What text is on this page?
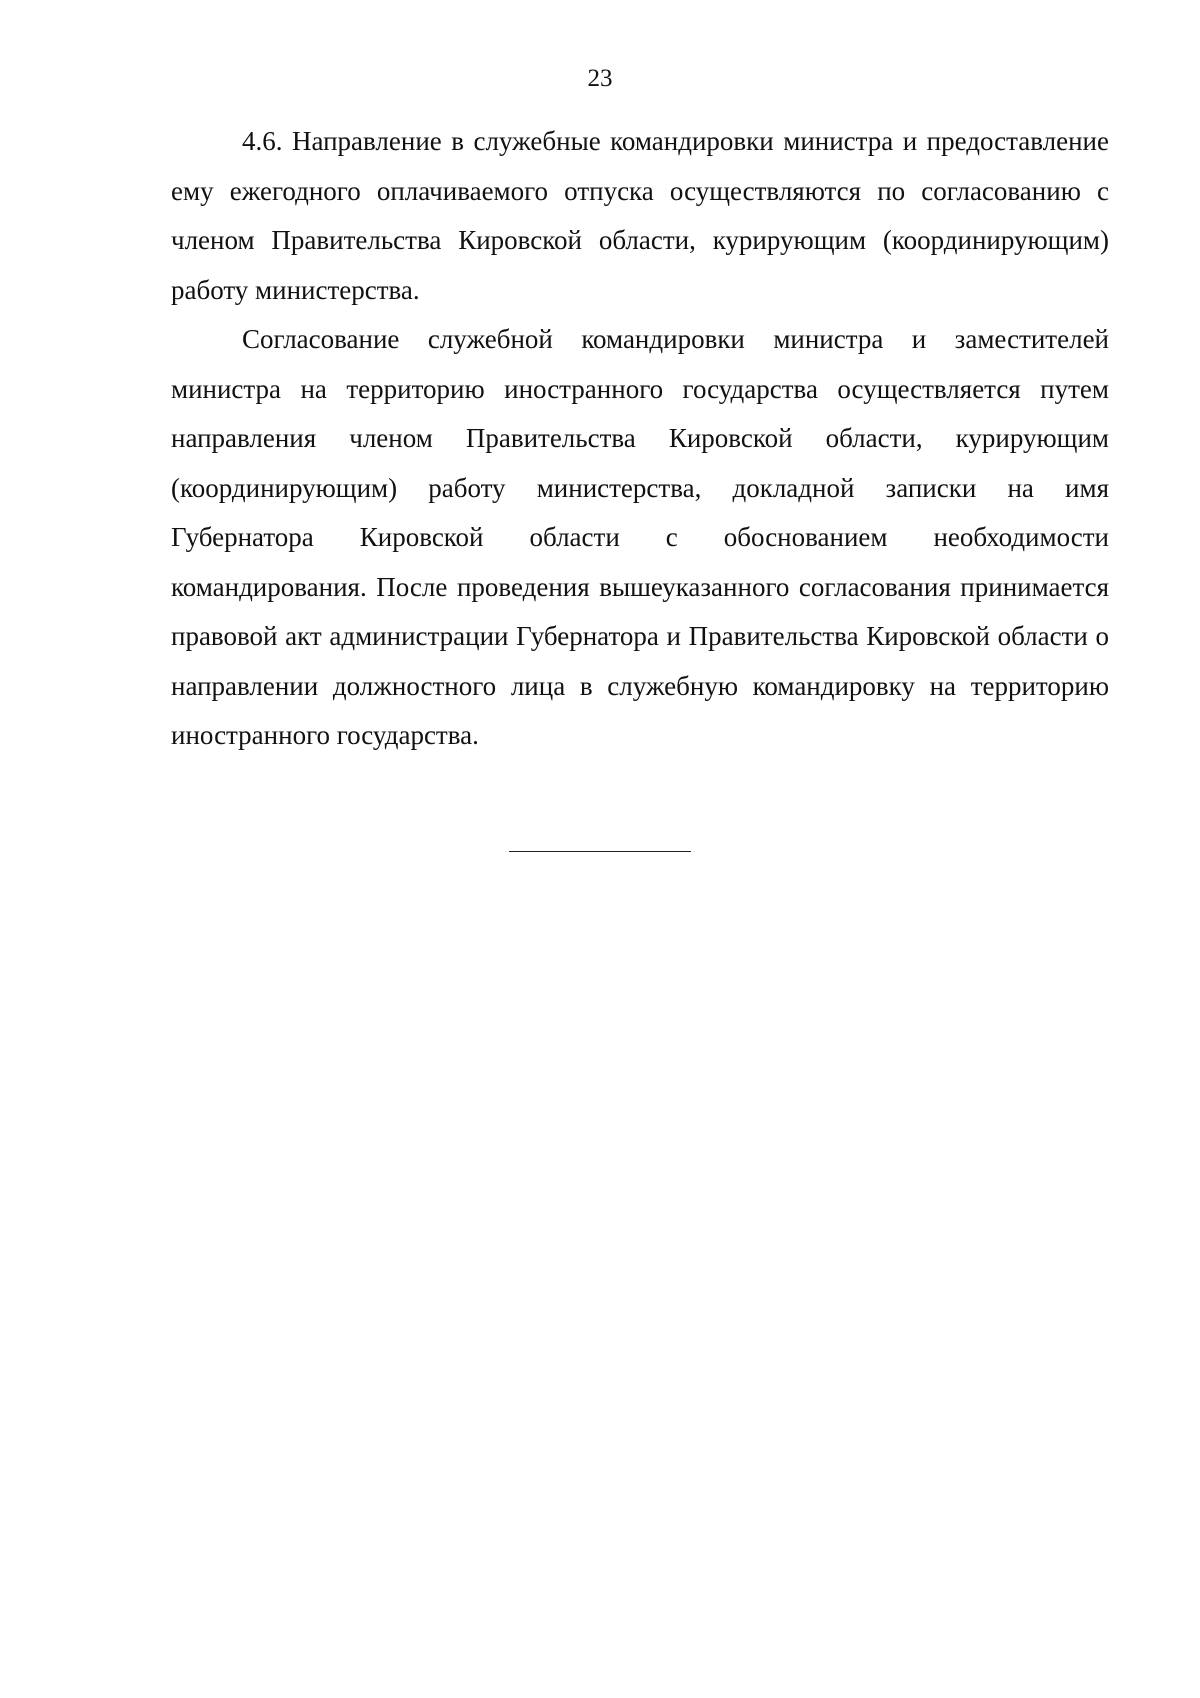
23

4.6. Направление в служебные командировки министра и предоставление ему ежегодного оплачиваемого отпуска осуществляются по согласованию с членом Правительства Кировской области, курирующим (координирующим) работу министерства.

Согласование служебной командировки министра и заместителей министра на территорию иностранного государства осуществляется путем направления членом Правительства Кировской области, курирующим (координирующим) работу министерства, докладной записки на имя Губернатора Кировской области с обоснованием необходимости командирования. После проведения вышеуказанного согласования принимается правовой акт администрации Губернатора и Правительства Кировской области о направлении должностного лица в служебную командировку на территорию иностранного государства.
